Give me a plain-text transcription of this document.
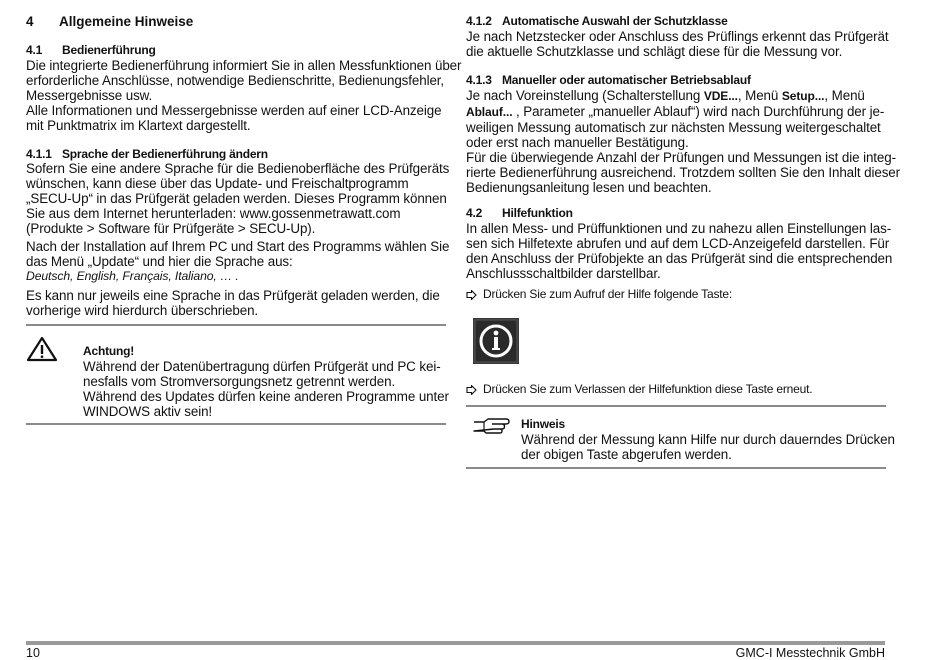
4 Allgemeine Hinweise
4.1 Bedienerführung
Die integrierte Bedienerführung informiert Sie in allen Messfunktionen über
erforderliche Anschlüsse, notwendige Bedienschritte, Bedienungsfehler,
Messergebnisse usw.
Alle Informationen und Messergebnisse werden auf einer LCD-Anzeige
mit Punktmatrix im Klartext dargestellt.
4.1.1 Sprache der Bedienerführung ändern
Sofern Sie eine andere Sprache für die Bedienoberfläche des Prüfgeräts
wünschen, kann diese über das Update- und Freischaltprogramm
„SECU-Up“ in das Prüfgerät geladen werden. Dieses Programm können
Sie aus dem Internet herunterladen: www.gossenmetrawatt.com
(Produkte > Software für Prüfgeräte > SECU-Up).
Nach der Installation auf Ihrem PC und Start des Programms wählen Sie
das Menü „Update“ und hier die Sprache aus:
Deutsch, English, Français, Italiano, … .
Es kann nur jeweils eine Sprache in das Prüfgerät geladen werden, die
vorherige wird hierdurch überschrieben.
Achtung!
Während der Datenübertragung dürfen Prüfgerät und PC kei-
nesfalls vom Stromversorgungsnetz getrennt werden.
Während des Updates dürfen keine anderen Programme unter
WINDOWS aktiv sein!
4.1.2 Automatische Auswahl der Schutzklasse
Je nach Netzstecker oder Anschluss des Prüflings erkennt das Prüfgerät
die aktuelle Schutzklasse und schlägt diese für die Messung vor.
4.1.3 Manueller oder automatischer Betriebsablauf
Je nach Voreinstellung (Schalterstellung VDE..., Menü Setup..., Menü
Ablauf... , Parameter „manueller Ablauf“) wird nach Durchführung der je-
weiligen Messung automatisch zur nächsten Messung weitergeschaltet
oder erst nach manueller Bestätigung.
Für die überwiegende Anzahl der Prüfungen und Messungen ist die integ-
rierte Bedienerführung ausreichend. Trotzdem sollten Sie den Inhalt dieser
Bedienungsanleitung lesen und beachten.
4.2 Hilfefunktion
In allen Mess- und Prüffunktionen und zu nahezu allen Einstellungen las-
sen sich Hilfetexte abrufen und auf dem LCD-Anzeigefeld darstellen. Für
den Anschluss der Prüfobjekte an das Prüfgerät sind die entsprechenden
Anschlussschaltbilder darstellbar.
Drücken Sie zum Aufruf der Hilfe folgende Taste:
Drücken Sie zum Verlassen der Hilfefunktion diese Taste erneut.
Hinweis
Während der Messung kann Hilfe nur durch dauerndes Drücken
der obigen Taste abgerufen werden.
10	GMC-I Messtechnik GmbH
